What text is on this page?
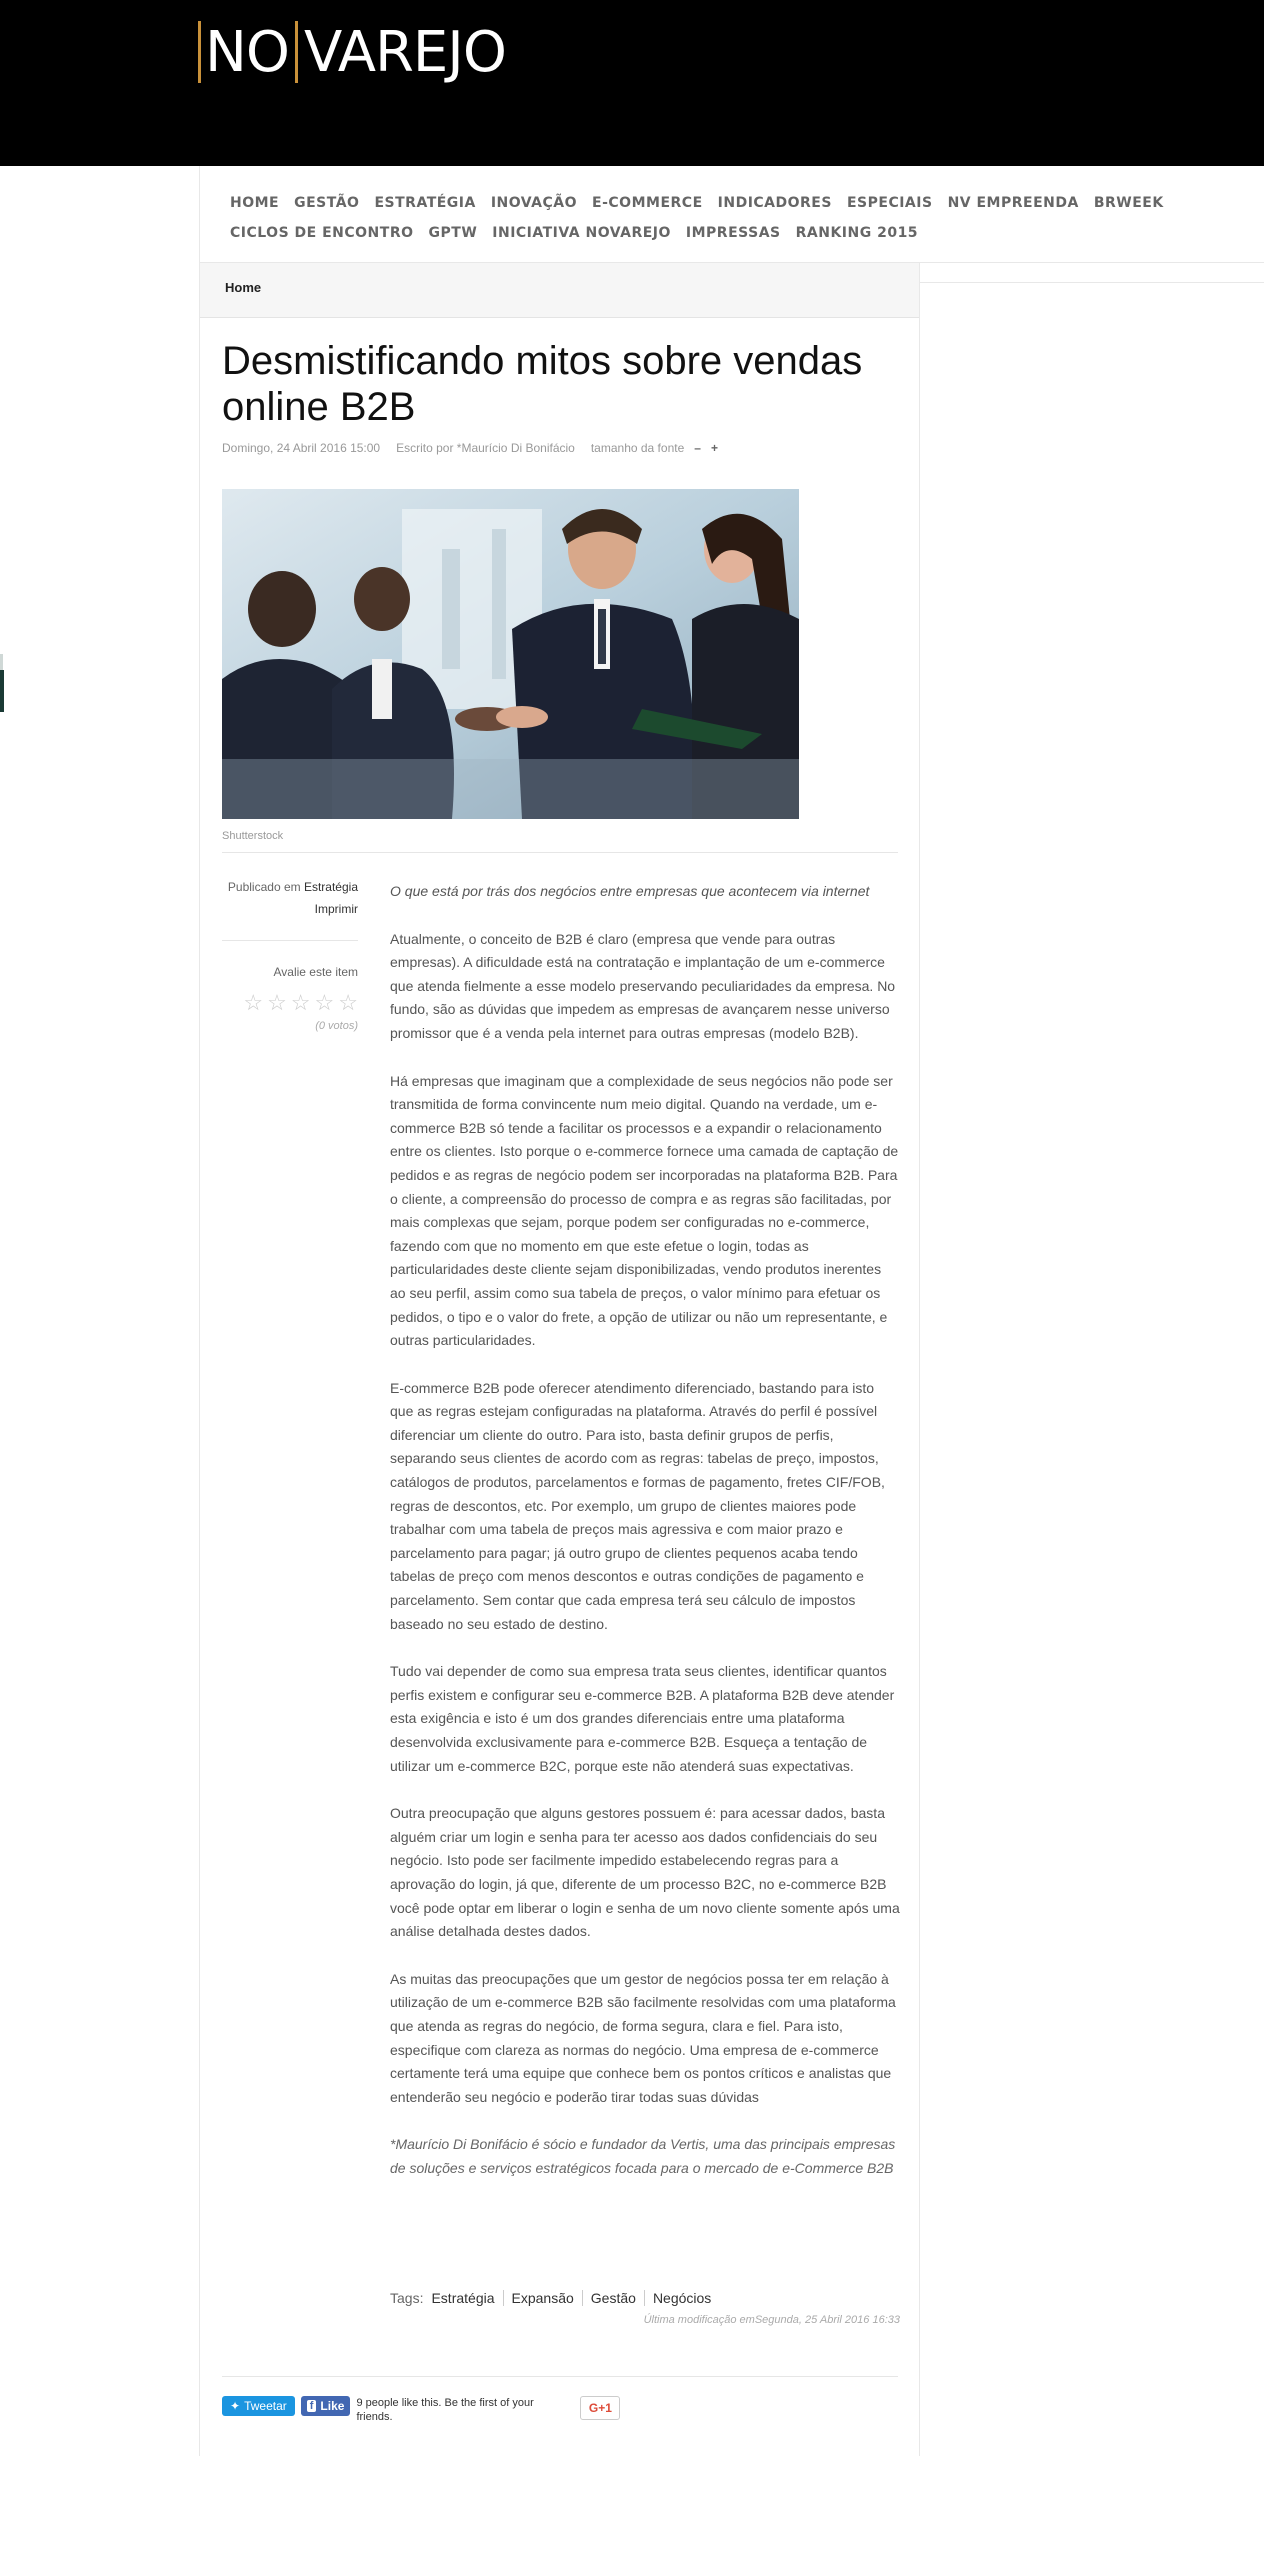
NO VAREJO
HOME GESTÃO ESTRATÉGIA INOVAÇÃO E-COMMERCE INDICADORES ESPECIAIS NV EMPREENDA BRWEEK
CICLOS DE ENCONTRO GPTW INICIATIVA NOVAREJO IMPRESSAS RANKING 2015
Home
Desmistificando mitos sobre vendas online B2B
Domingo, 24 Abril 2016 15:00 Escrito por *Maurício Di Bonifácio tamanho da fonte – +
Shutterstock
Publicado em Estratégia
Imprimir
Avalie este item
☆ ☆ ☆ ☆ ☆
(0 votos)

O que está por trás dos negócios entre empresas que acontecem via internet

Atualmente, o conceito de B2B é claro (empresa que vende para outras empresas). A dificuldade está na contratação e implantação de um e-commerce que atenda fielmente a esse modelo preservando peculiaridades da empresa. No fundo, são as dúvidas que impedem as empresas de avançarem nesse universo promissor que é a venda pela internet para outras empresas (modelo B2B).

Há empresas que imaginam que a complexidade de seus negócios não pode ser transmitida de forma convincente num meio digital. Quando na verdade, um e-commerce B2B só tende a facilitar os processos e a expandir o relacionamento entre os clientes. Isto porque o e-commerce fornece uma camada de captação de pedidos e as regras de negócio podem ser incorporadas na plataforma B2B. Para o cliente, a compreensão do processo de compra e as regras são facilitadas, por mais complexas que sejam, porque podem ser configuradas no e-commerce, fazendo com que no momento em que este efetue o login, todas as particularidades deste cliente sejam disponibilizadas, vendo produtos inerentes ao seu perfil, assim como sua tabela de preços, o valor mínimo para efetuar os pedidos, o tipo e o valor do frete, a opção de utilizar ou não um representante, e outras particularidades.

E-commerce B2B pode oferecer atendimento diferenciado, bastando para isto que as regras estejam configuradas na plataforma. Através do perfil é possível diferenciar um cliente do outro. Para isto, basta definir grupos de perfis, separando seus clientes de acordo com as regras: tabelas de preço, impostos, catálogos de produtos, parcelamentos e formas de pagamento, fretes CIF/FOB, regras de descontos, etc. Por exemplo, um grupo de clientes maiores pode trabalhar com uma tabela de preços mais agressiva e com maior prazo e parcelamento para pagar; já outro grupo de clientes pequenos acaba tendo tabelas de preço com menos descontos e outras condições de pagamento e parcelamento. Sem contar que cada empresa terá seu cálculo de impostos baseado no seu estado de destino.

Tudo vai depender de como sua empresa trata seus clientes, identificar quantos perfis existem e configurar seu e-commerce B2B. A plataforma B2B deve atender esta exigência e isto é um dos grandes diferenciais entre uma plataforma desenvolvida exclusivamente para e-commerce B2B. Esqueça a tentação de utilizar um e-commerce B2C, porque este não atenderá suas expectativas.

Outra preocupação que alguns gestores possuem é: para acessar dados, basta alguém criar um login e senha para ter acesso aos dados confidenciais do seu negócio. Isto pode ser facilmente impedido estabelecendo regras para a aprovação do login, já que, diferente de um processo B2C, no e-commerce B2B você pode optar em liberar o login e senha de um novo cliente somente após uma análise detalhada destes dados.

As muitas das preocupações que um gestor de negócios possa ter em relação à utilização de um e-commerce B2B são facilmente resolvidas com uma plataforma que atenda as regras do negócio, de forma segura, clara e fiel. Para isto, especifique com clareza as normas do negócio. Uma empresa de e-commerce certamente terá uma equipe que conhece bem os pontos críticos e analistas que entenderão seu negócio e poderão tirar todas suas dúvidas

*Maurício Di Bonifácio é sócio e fundador da Vertis, uma das principais empresas de soluções e serviços estratégicos focada para o mercado de e-Commerce B2B

Tags: Estratégia	Expansão	Gestão	Negócios
Última modificação emSegunda, 25 Abril 2016 16:33
✦ Tweetar f Like 9 people like this. Be the first of your friends.
G+1
